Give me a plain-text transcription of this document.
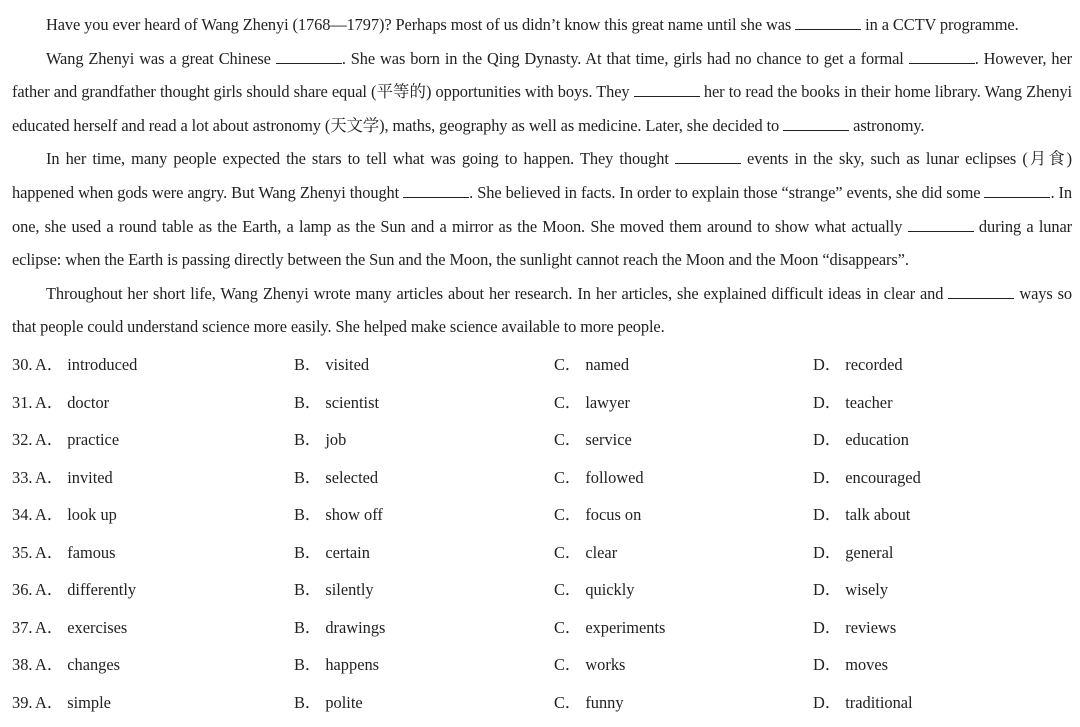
Have you ever heard of Wang Zhenyi (1768—1797)? Perhaps most of us didn’t know this great name until she was	in a CCTV programme.

Wang Zhenyi was a great Chinese	. She was born in the Qing Dynasty. At that time, girls had no chance to get a formal	. However, her father and grandfather thought girls should share equal (平等的) opportunities with boys. They	her to read the books in their home library. Wang Zhenyi educated herself and read a lot about astronomy (天文学), maths, geography as well as medicine. Later, she decided to	astronomy.

In her time, many people expected the stars to tell what was going to happen. They thought	events in the sky, such as lunar eclipses (月食) happened when gods were angry. But Wang Zhenyi thought	. She believed in facts. In order to explain those “strange” events, she did some	. In one, she used a round table as the Earth, a lamp as the Sun and a mirror as the Moon. She moved them around to show what actually	during a lunar eclipse: when the Earth is passing directly between the Sun and the Moon, the sunlight cannot reach the Moon and the Moon “disappears”.

Throughout her short life, Wang Zhenyi wrote many articles about her research. In her articles, she explained difficult ideas in clear and	ways so that people could understand science more easily. She helped make science available to more people.

30. A． introduced	B． visited	C． named	D． recorded
31. A． doctor	B． scientist	C． lawyer	D． teacher
32. A． practice	B． job	C． service	D． education
33. A． invited	B． selected	C． followed	D． encouraged
34. A． look up	B． show off	C． focus on	D． talk about
35. A． famous	B． certain	C． clear	D． general
36. A． differently	B． silently	C． quickly	D． wisely
37. A． exercises	B． drawings	C． experiments	D． reviews
38. A． changes	B． happens	C． works	D． moves
39. A． simple	B． polite	C． funny	D． traditional
